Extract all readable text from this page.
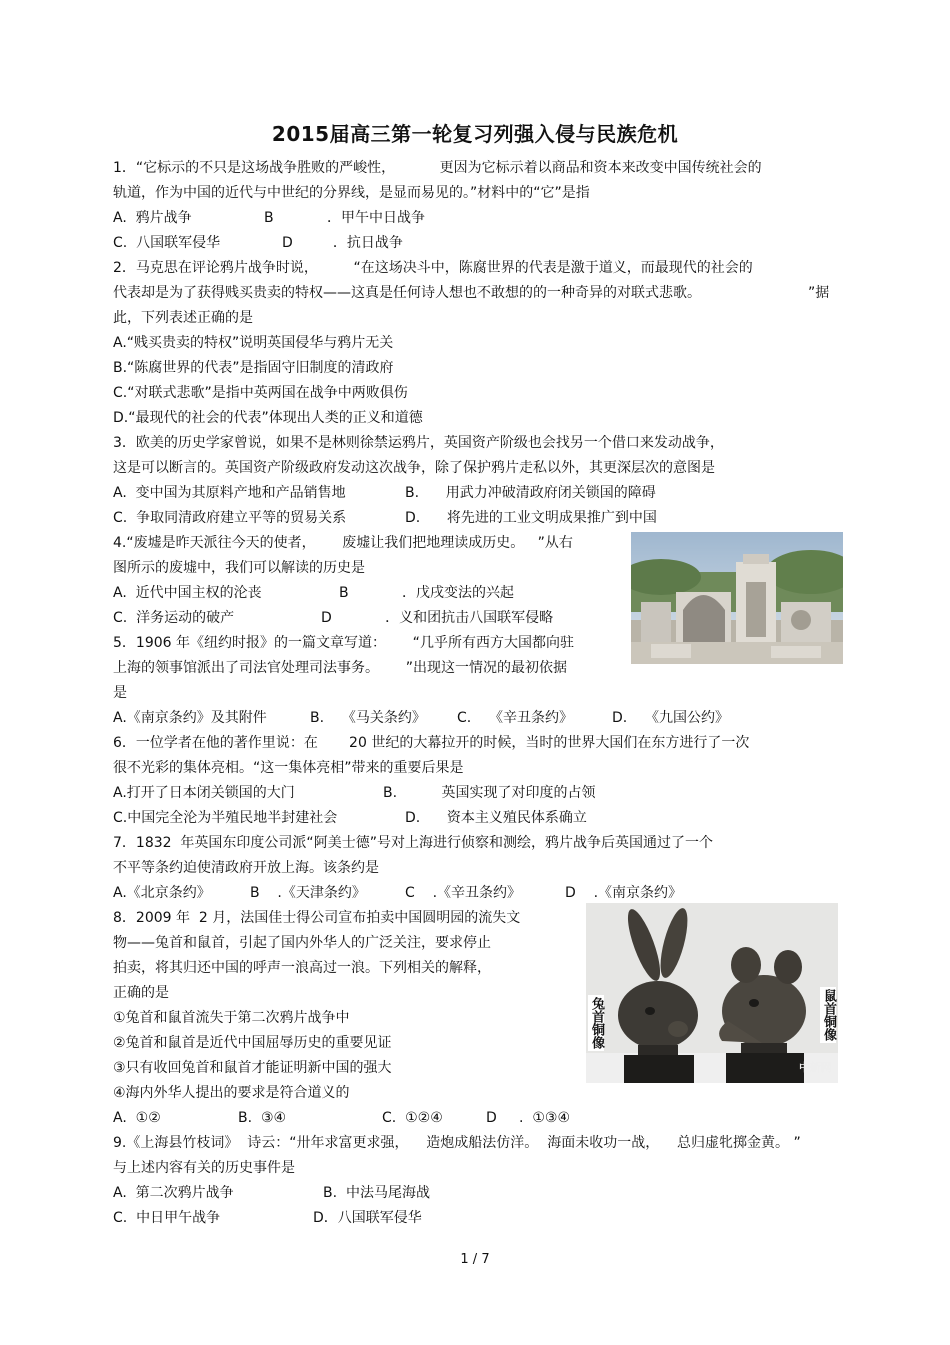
2015届高三第一轮复习列强入侵与民族危机
1．“它标示的不只是这场战争胜败的严峻性，          更因为它标示着以商品和资本来改变中国传统社会的
轨道，作为中国的近代与中世纪的分界线，是显而易见的。”材料中的“它”是指
A.  鸦片战争	B            ．甲午中日战争
C.  八国联军侵华	D         ．抗日战争
2．马克思在评论鸦片战争时说，        “在这场决斗中，陈腐世界的代表是激于道义，而最现代的社会的
代表却是为了获得贱买贵卖的特权——这真是任何诗人想也不敢想的的一种奇异的对联式悲歌。	”据
此，下列表述正确的是
A.“贱买贵卖的特权”说明英国侵华与鸦片无关
B.“陈腐世界的代表”是指固守旧制度的清政府
C.“对联式悲歌”是指中英两国在战争中两败俱伤
D.“最现代的社会的代表”体现出人类的正义和道德
3．欧美的历史学家曾说，如果不是林则徐禁运鸦片，英国资产阶级也会找另一个借口来发动战争，
这是可以断言的。英国资产阶级政府发动这次战争，除了保护鸦片走私以外，其更深层次的意图是
A.  变中国为其原料产地和产品销售地	B.      用武力冲破清政府闭关锁国的障碍
C.  争取同清政府建立平等的贸易关系	D.      将先进的工业文明成果推广到中国
4.“废墟是昨天派往今天的使者，      废墟让我们把地理读成历史。   ”从右
图所示的废墟中，我们可以解读的历史是
A.  近代中国主权的沦丧	B            ．戊戌变法的兴起
C.  洋务运动的破产	D            ．义和团抗击八国联军侵略
5．1906 年《纽约时报》的一篇文章写道：      “几乎所有西方大国都向驻
上海的领事馆派出了司法官处理司法事务。      ”出现这一情况的最初依据
是
A.《南京条约》及其附件	B.    《马关条约》 C.    《辛丑条约》	D.    《九国公约》
6．一位学者在他的著作里说：在       20 世纪的大幕拉开的时候，当时的世界大国们在东方进行了一次
很不光彩的集体亮相。“这一集体亮相”带来的重要后果是
A.打开了日本闭关锁国的大门	B.          英国实现了对印度的占领
C.中国完全沦为半殖民地半封建社会	D.      资本主义殖民体系确立
7．1832  年英国东印度公司派“阿美士德”号对上海进行侦察和测绘，鸦片战争后英国通过了一个
不平等条约迫使清政府开放上海。该条约是
A.《北京条约》	B    .《天津条约》	C    .《辛丑条约》	D    .《南京条约》
8．2009 年  2 月，法国佳士得公司宣布拍卖中国圆明园的流失文
物——兔首和鼠首，引起了国内外华人的广泛关注，要求停止
拍卖，将其归还中国的呼声一浪高过一浪。下列相关的解释，
正确的是
①兔首和鼠首流失于第二次鸦片战争中
②兔首和鼠首是近代中国屈辱历史的重要见证
③只有收回兔首和鼠首才能证明新中国的强大
④海内外华人提出的要求是符合道义的
A.  ①②	B.  ③④	C.  ①②④	D     .  ①③④
兔首铜像	鼠首铜像
中新网
9.《上海县竹枝词》  诗云：“卅年求富更求强，    造炮成船法仿洋。  海面未收功一战，    总归虚牝掷金黄。 ”
与上述内容有关的历史事件是
A.  第二次鸦片战争	B.  中法马尾海战
C.  中日甲午战争	D．八国联军侵华
1 / 7
